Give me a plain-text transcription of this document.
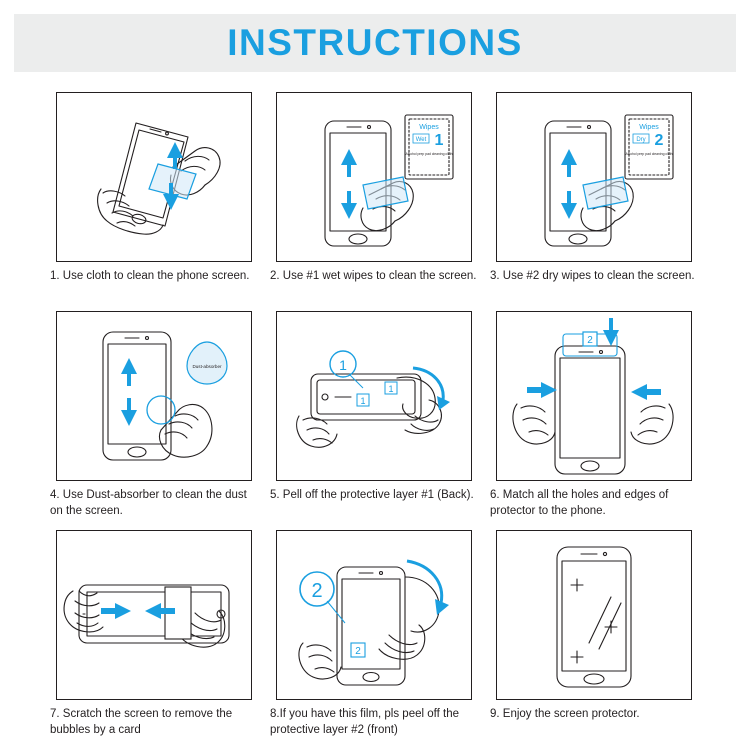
INSTRUCTIONS
1. Use cloth to clean the phone screen.
Wipes
Wet 1
Alcohol prep pad cleaning cloth
2. Use #1 wet wipes to clean the screen.
Wipes
Dry 2
Alcohol prep pad cleaning cloth
3. Use #2 dry wipes to clean the screen.
Dust-absorber
4. Use Dust-absorber to clean the dust on the screen.
1
1
1
5. Pell off the protective layer #1 (Back).
2
6. Match all the holes and edges of protector to the phone.
7. Scratch the screen to remove the bubbles by a card
2
2
8.If you have this film, pls peel off the protective layer #2 (front)
9. Enjoy the screen protector.
